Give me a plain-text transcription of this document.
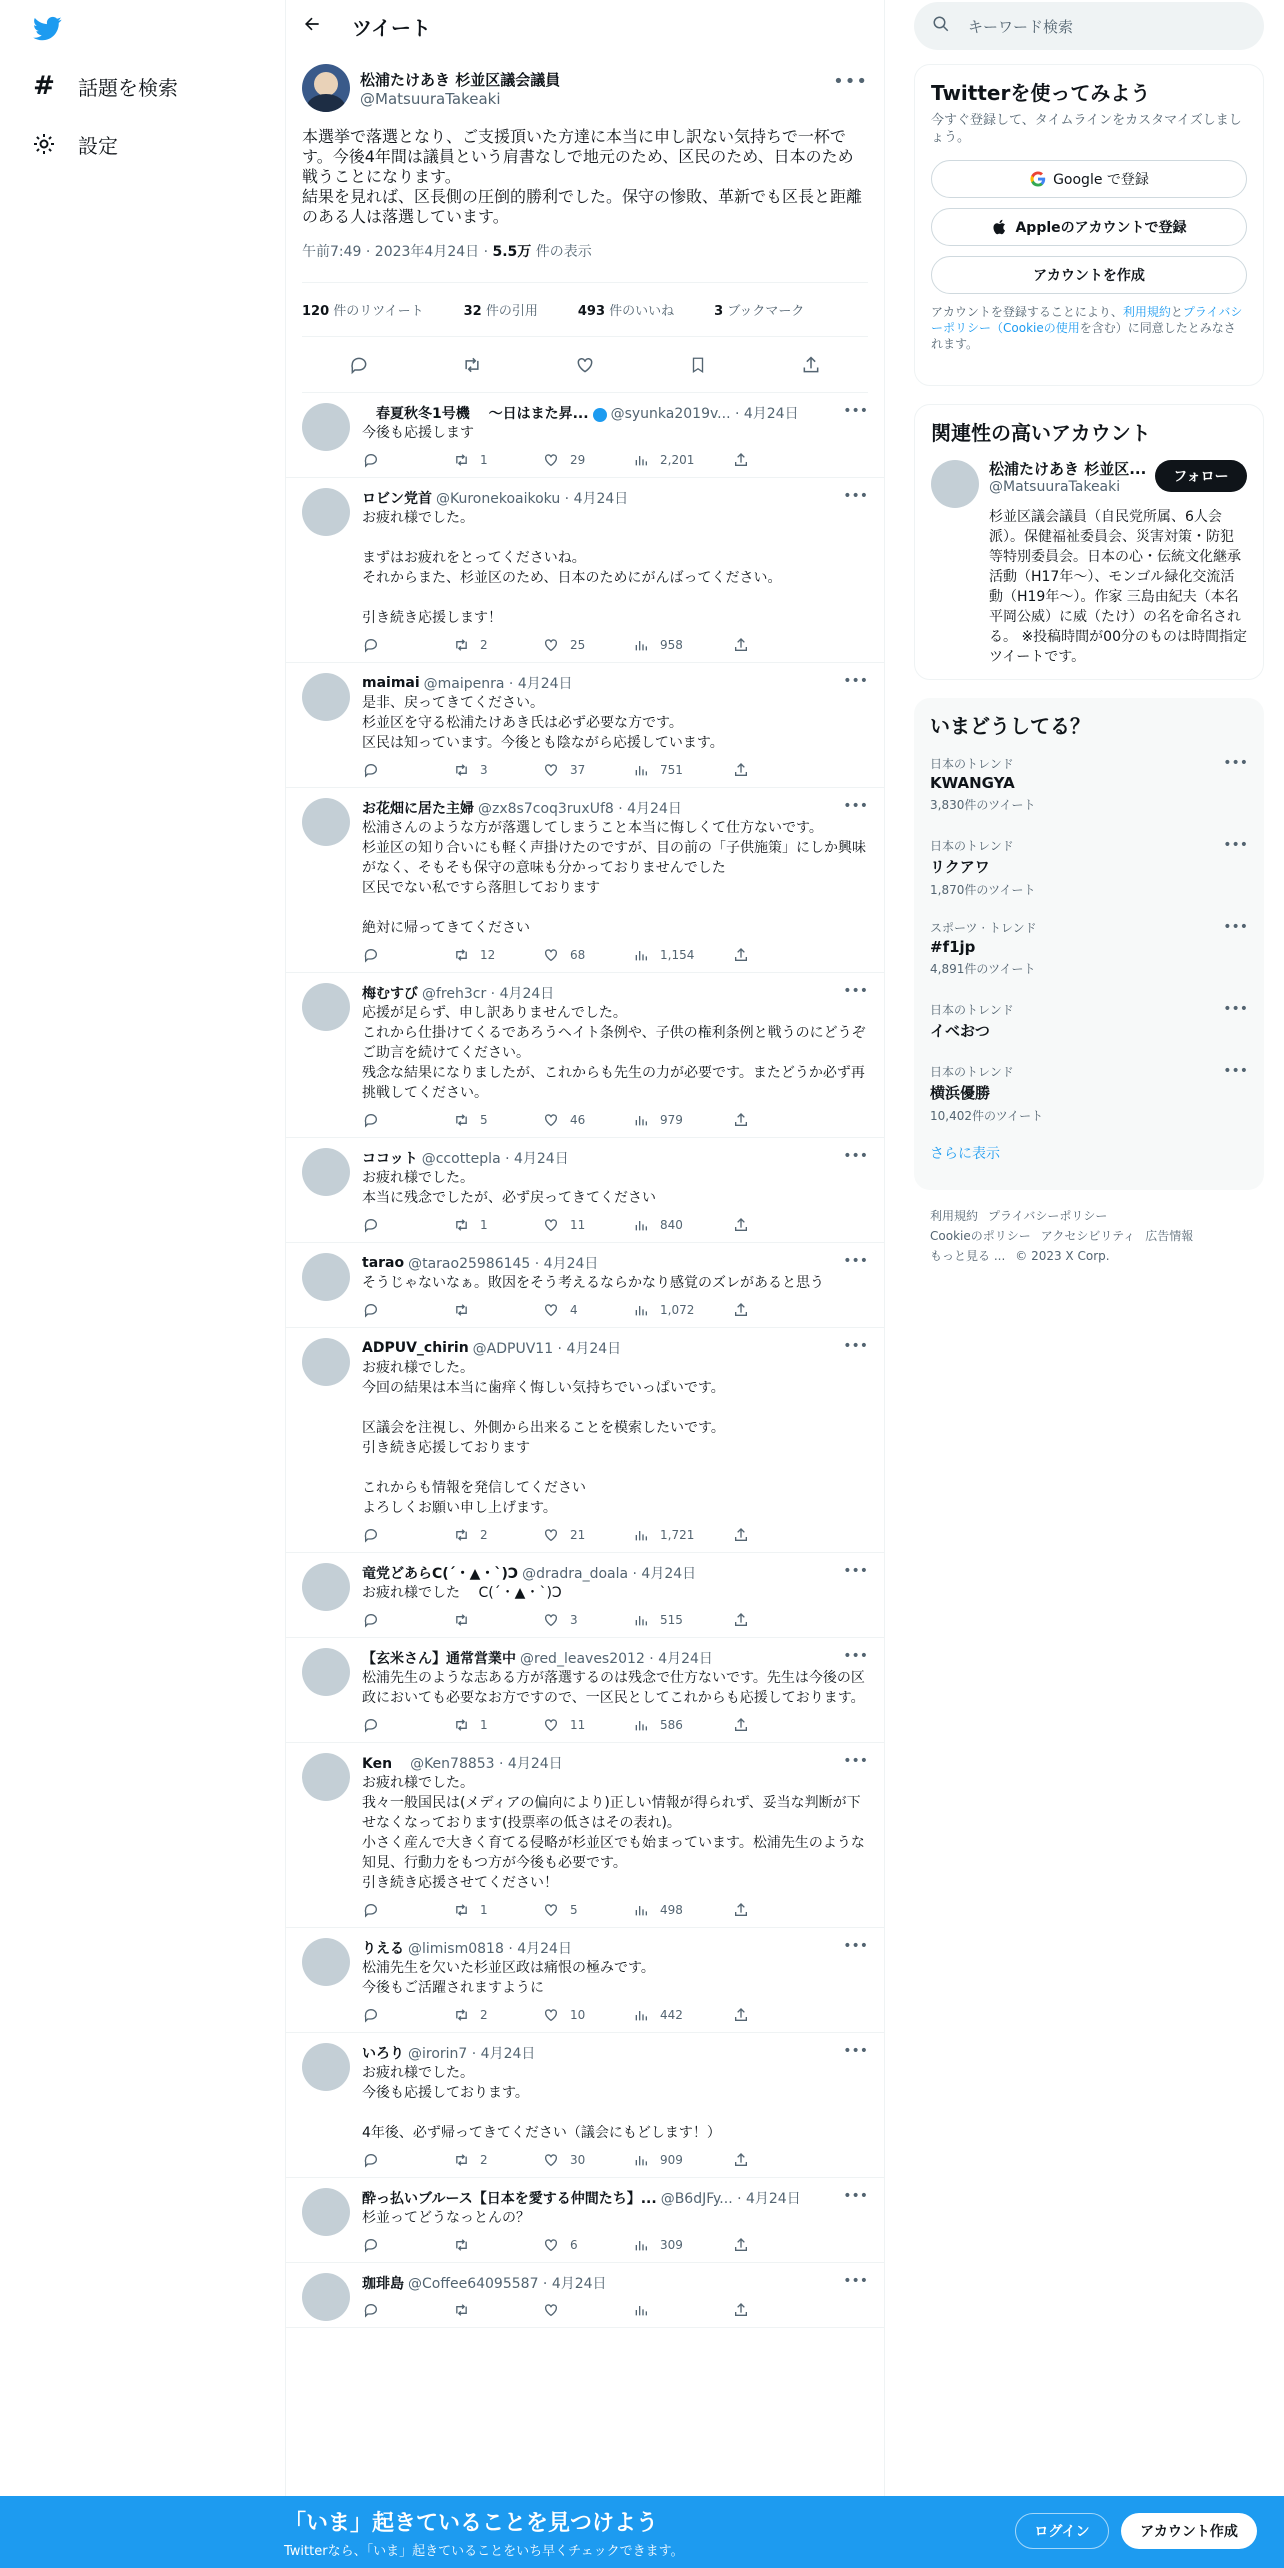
# 話題を検索
設定
ツイート
松浦たけあき 杉並区議会議員
@MatsuuraTakeaki
•••
本選挙で落選となり、ご支援頂いた方達に本当に申し訳ない気持ちで一杯です。今後4年間は議員という肩書なしで地元のため、区民のため、日本のため戦うことになります。
結果を見れば、区長側の圧倒的勝利でした。保守の惨敗、革新でも区長と距離のある人は落選しています。
午前7:49 · 2023年4月24日 · 5.5万 件の表示
120 件のリツイート	32 件の引用	493 件のいいね	3 ブックマーク
　春夏秋冬1号機　 ～日はまた昇... @syunka2019v... · 4月24日	•••
今後も応援します
1	29	2,201
ロビン党首 @Kuronekoaikoku · 4月24日	•••
お疲れ様でした。

まずはお疲れをとってくださいね。
それからまた、杉並区のため、日本のためにがんばってください。

引き続き応援します！
2	25	958
maimai @maipenra · 4月24日	•••
是非、戻ってきてください。
杉並区を守る松浦たけあき氏は必ず必要な方です。
区民は知っています。今後とも陰ながら応援しています。
3	37	751
お花畑に居た主婦 @zx8s7coq3ruxUf8 · 4月24日	•••
松浦さんのような方が落選してしまうこと本当に悔しくて仕方ないです。
杉並区の知り合いにも軽く声掛けたのですが、目の前の「子供施策」にしか興味がなく、そもそも保守の意味も分かっておりませんでした
区民でない私ですら落胆しております

絶対に帰ってきてください
12	68	1,154
梅むすび @freh3cr · 4月24日	•••
応援が足らず、申し訳ありませんでした。
これから仕掛けてくるであろうヘイト条例や、子供の権利条例と戦うのにどうぞご助言を続けてください。
残念な結果になりましたが、これからも先生の力が必要です。またどうか必ず再挑戦してください。
5	46	979
ココット @ccottepla · 4月24日	•••
お疲れ様でした。
本当に残念でしたが、必ず戻ってきてください
1	11	840
tarao @tarao25986145 · 4月24日	•••
そうじゃないなぁ。敗因をそう考えるならかなり感覚のズレがあると思う
4	1,072
ADPUV_chirin @ADPUV11 · 4月24日	•••
お疲れ様でした。
今回の結果は本当に歯痒く悔しい気持ちでいっぱいです。

区議会を注視し、外側から出来ることを模索したいです。
引き続き応援しております

これからも情報を発信してください
よろしくお願い申し上げます。
2	21	1,721
竜党どあらC(´・▲・`)Ɔ @dradra_doala · 4月24日	•••
お疲れ様でした　 C(´・▲・`)Ɔ
3	515
【玄米さん】通常営業中 @red_leaves2012 · 4月24日	•••
松浦先生のような志ある方が落選するのは残念で仕方ないです。先生は今後の区政においても必要なお方ですので、一区民としてこれからも応援しております。
1	11	586
Ken　 @Ken78853 · 4月24日	•••
お疲れ様でした。
我々一般国民は(メディアの偏向により)正しい情報が得られず、妥当な判断が下せなくなっております(投票率の低さはその表れ)。
小さく産んで大きく育てる侵略が杉並区でも始まっています。松浦先生のような知見、行動力をもつ方が今後も必要です。
引き続き応援させてください！
1	5	498
りえる @limism0818 · 4月24日	•••
松浦先生を欠いた杉並区政は痛恨の極みです。
今後もご活躍されますように
2	10	442
いろり @irorin7 · 4月24日	•••
お疲れ様でした。
今後も応援しております。

4年後、必ず帰ってきてください（議会にもどします！）
2	30	909
酔っ払いブルース【日本を愛する仲間たち】... @B6dJFy... · 4月24日	•••
杉並ってどうなっとんの？
6	309
珈琲島 @Coffee64095587 · 4月24日	•••
キーワード検索
Twitterを使ってみよう
今すぐ登録して、タイムラインをカスタマイズしましょう。
Google で登録
Appleのアカウントで登録
アカウントを作成
アカウントを登録することにより、利用規約とプライバシーポリシー（Cookieの使用を含む）に同意したとみなされます。
関連性の高いアカウント
松浦たけあき 杉並区...
@MatsuuraTakeaki
フォロー
杉並区議会議員（自民党所属、6人会派）。保健福祉委員会、災害対策・防犯等特別委員会。日本の心・伝統文化継承活動（H17年～）、モンゴル緑化交流活動（H19年～）。作家 三島由紀夫（本名 平岡公威）に威（たけ）の名を命名される。 ※投稿時間が00分のものは時間指定ツイートです。
いまどうしてる？
日本のトレンド
KWANGYA
3,830件のツイート
•••
日本のトレンド
リクアワ
1,870件のツイート
•••
スポーツ · トレンド
#f1jp
4,891件のツイート
•••
日本のトレンド
イベおつ
•••
日本のトレンド
横浜優勝
10,402件のツイート
•••
さらに表示
利用規約 プライバシーポリシー
Cookieのポリシー アクセシビリティ 広告情報
もっと見る ... © 2023 X Corp.
「いま」起きていることを見つけよう
Twitterなら、「いま」起きていることをいち早くチェックできます。
ログイン	アカウント作成
